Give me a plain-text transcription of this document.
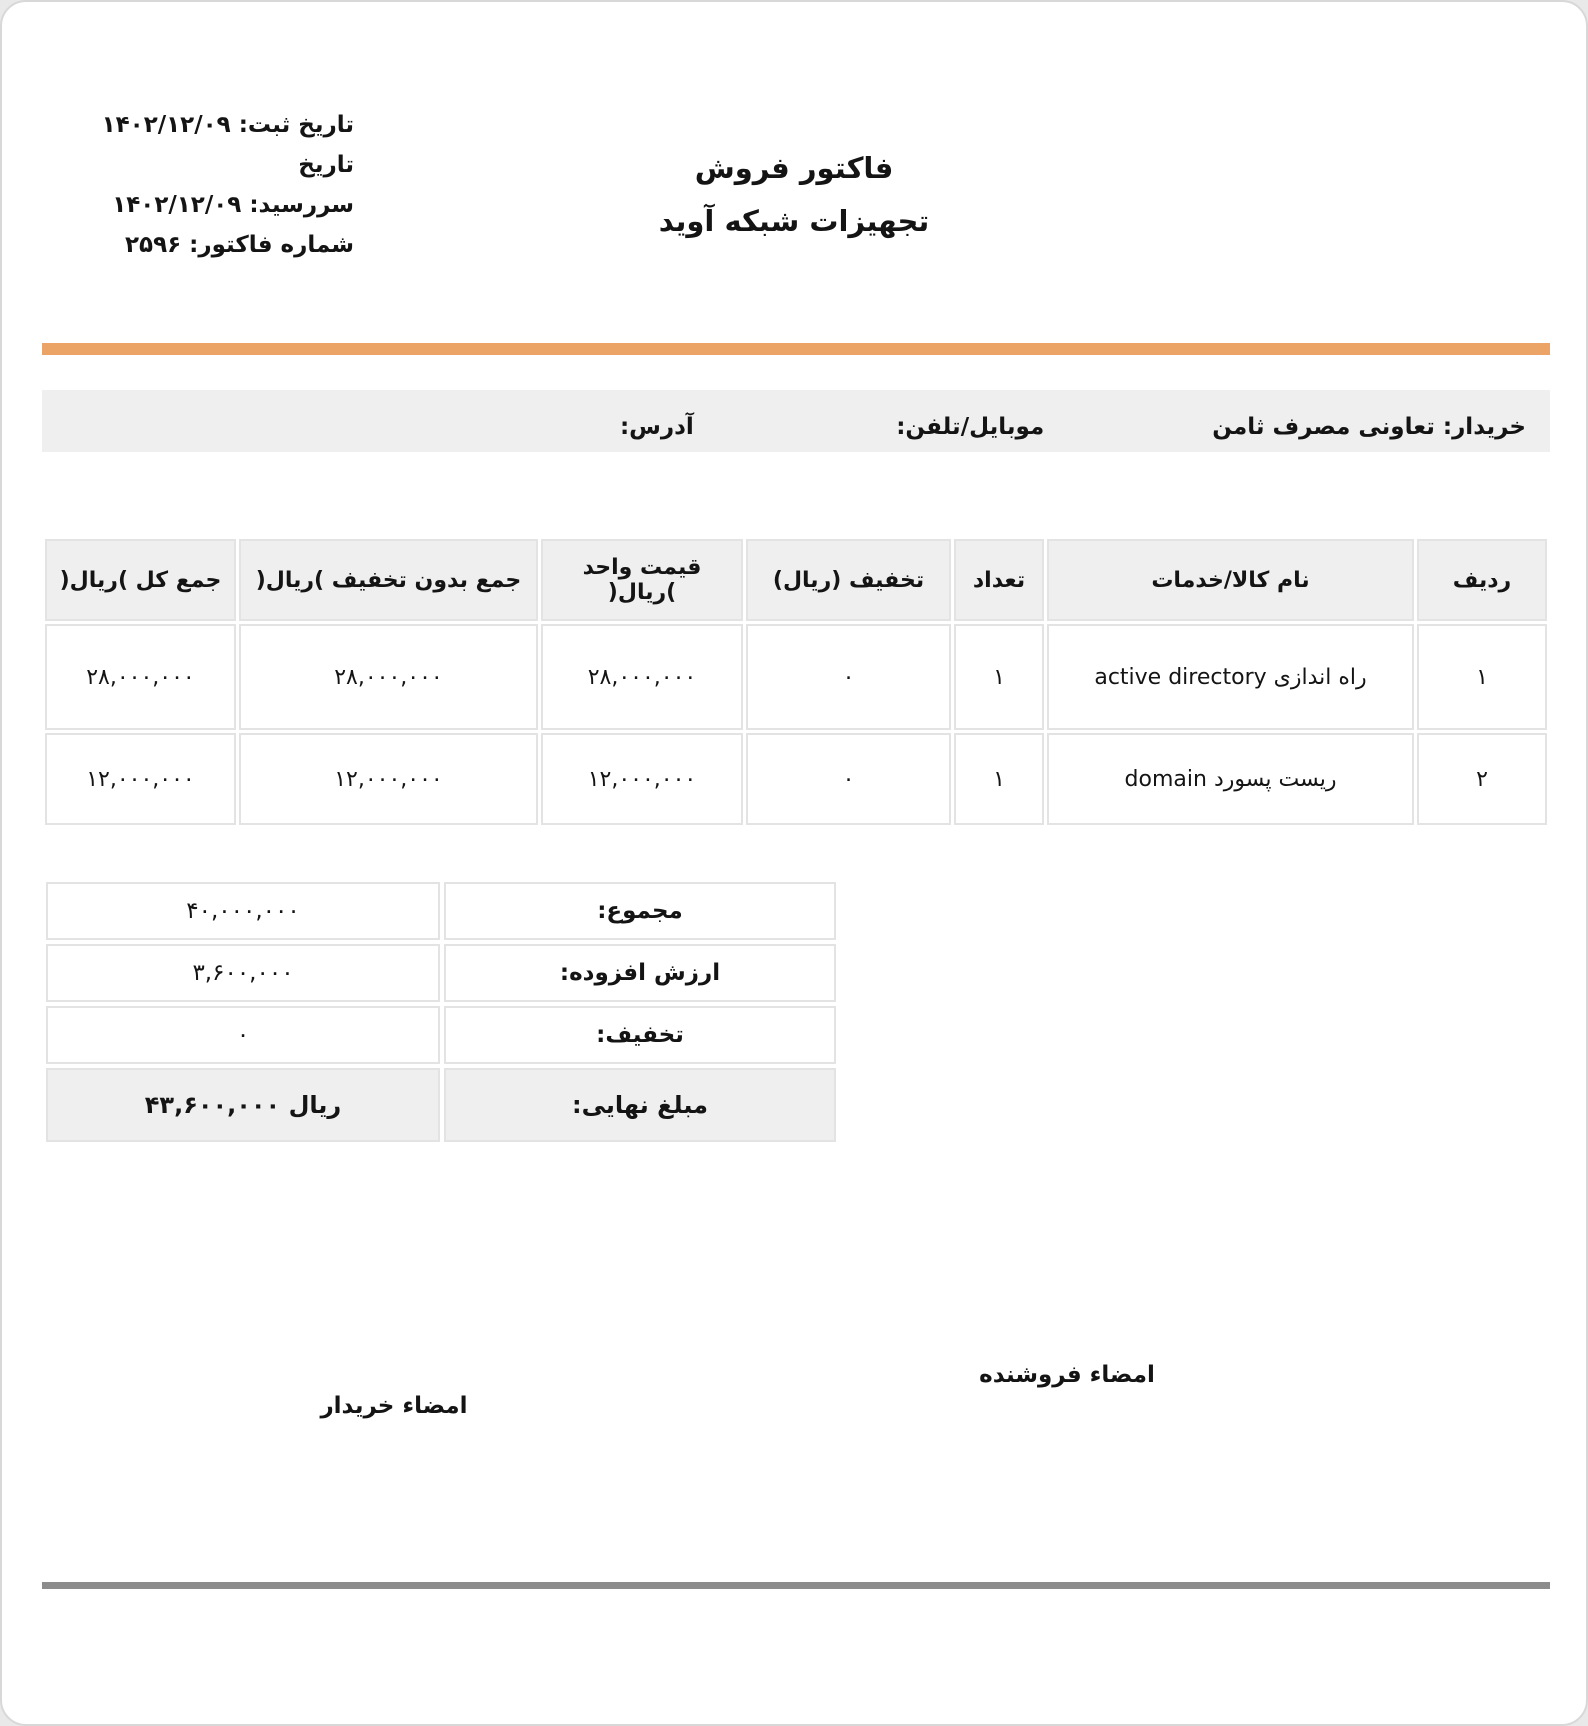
تاریخ ثبت: ۱۴۰۲/۱۲/۰۹
تاریخ
سررسید: ۱۴۰۲/۱۲/۰۹
شماره فاکتور: ۲۵۹۶
فاکتور فروش
تجهیزات شبکه آوید
خریدار: تعاونی مصرف ثامن
موبایل/تلفن:
آدرس:
ردیف	نام کالا/خدمات	تعداد	تخفیف (ریال)	قیمت واحد )ریال(	جمع بدون تخفیف )ریال(	جمع کل )ریال(
۱	راه اندازی active directory	۱	۰	۲۸,۰۰۰,۰۰۰	۲۸,۰۰۰,۰۰۰	۲۸,۰۰۰,۰۰۰
۲	ریست پسورد domain	۱	۰	۱۲,۰۰۰,۰۰۰	۱۲,۰۰۰,۰۰۰	۱۲,۰۰۰,۰۰۰
مجموع:	۴۰,۰۰۰,۰۰۰
ارزش افزوده:	۳,۶۰۰,۰۰۰
تخفیف:	۰
مبلغ نهایی:	۴۳,۶۰۰,۰۰۰ ریال
امضاء فروشنده
امضاء خریدار
